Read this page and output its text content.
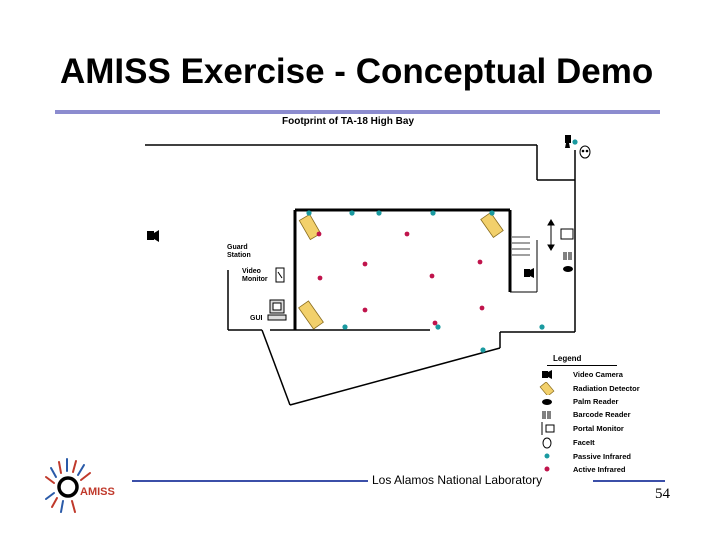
AMISS Exercise - Conceptual Demo
Footprint of TA-18 High Bay
Guard
Station
Video
Monitor
GUI
Legend
Video Camera
Radiation Detector
Palm Reader
Barcode Reader
Portal Monitor
FaceIt
Passive Infrared
Active Infrared
Los Alamos National Laboratory
54
AMISS
